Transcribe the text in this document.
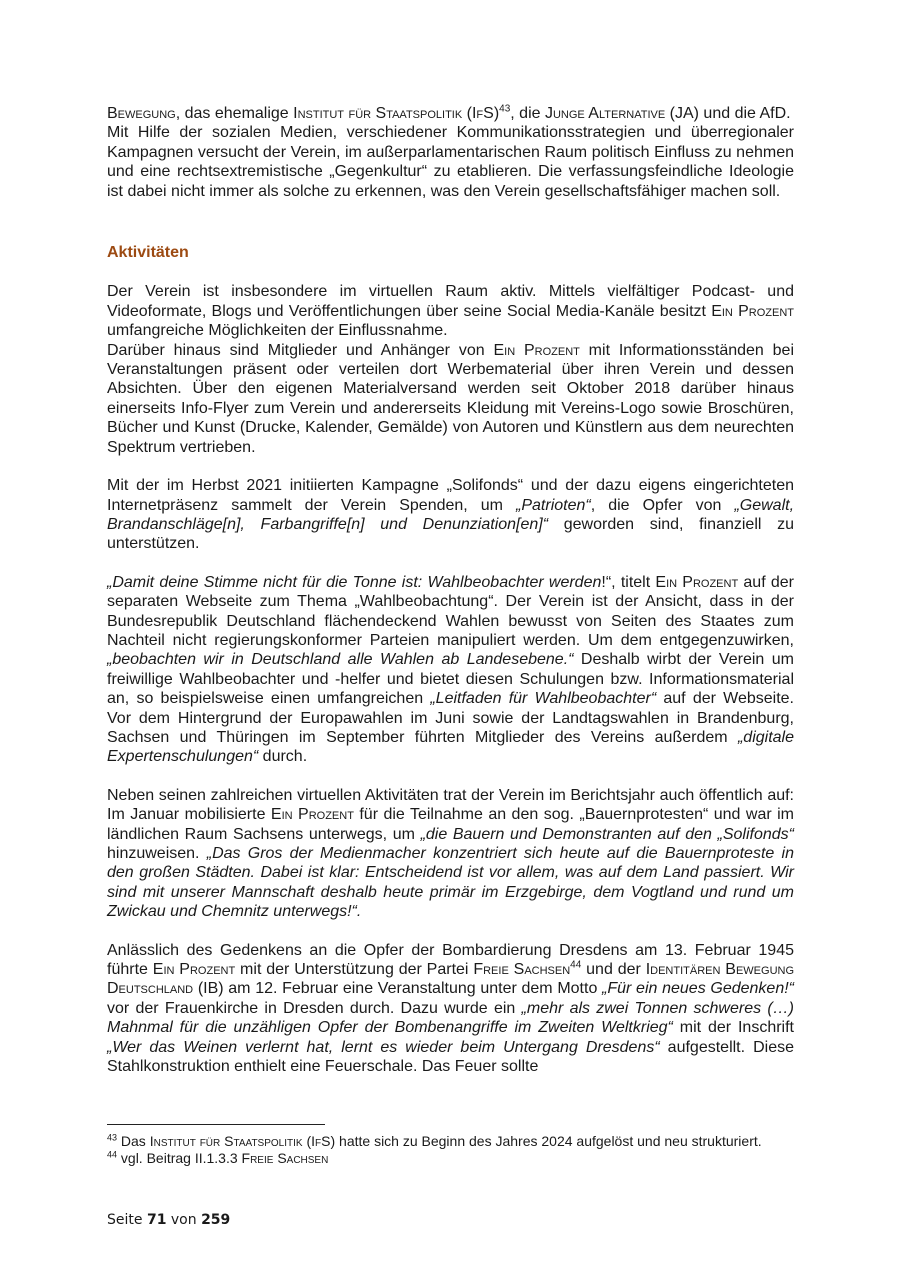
Bewegung, das ehemalige Institut für Staatspolitik (IfS)$^{43}$, die Junge Alternative (JA) und die AfD.

Mit Hilfe der sozialen Medien, verschiedener Kommunikationsstrategien und überregionaler Kampagnen versucht der Verein, im außerparlamentarischen Raum politisch Einfluss zu nehmen und eine rechtsextremistische „Gegenkultur“ zu etablieren. Die verfassungsfeindliche Ideologie ist dabei nicht immer als solche zu erkennen, was den Verein gesellschaftsfähiger machen soll.

Aktivitäten

Der Verein ist insbesondere im virtuellen Raum aktiv. Mittels vielfältiger Podcast- und Videoformate, Blogs und Veröffentlichungen über seine Social Media-Kanäle besitzt Ein Prozent umfangreiche Möglichkeiten der Einflussnahme.

Darüber hinaus sind Mitglieder und Anhänger von Ein Prozent mit Informationsständen bei Veranstaltungen präsent oder verteilen dort Werbematerial über ihren Verein und dessen Absichten. Über den eigenen Materialversand werden seit Oktober 2018 darüber hinaus einerseits Info-Flyer zum Verein und andererseits Kleidung mit Vereins-Logo sowie Broschüren, Bücher und Kunst (Drucke, Kalender, Gemälde) von Autoren und Künstlern aus dem neurechten Spektrum vertrieben.

Mit der im Herbst 2021 initiierten Kampagne „Solifonds“ und der dazu eigens eingerichteten Internetpräsenz sammelt der Verein Spenden, um „Patrioten“, die Opfer von „Gewalt, Brandanschläge[n], Farbangriffe[n] und Denunziation[en]“ geworden sind, finanziell zu unterstützen.

„Damit deine Stimme nicht für die Tonne ist: Wahlbeobachter werden!“, titelt Ein Prozent auf der separaten Webseite zum Thema „Wahlbeobachtung“. Der Verein ist der Ansicht, dass in der Bundesrepublik Deutschland flächendeckend Wahlen bewusst von Seiten des Staates zum Nachteil nicht regierungskonformer Parteien manipuliert werden. Um dem entgegenzuwirken, „beobachten wir in Deutschland alle Wahlen ab Landesebene.“ Deshalb wirbt der Verein um freiwillige Wahlbeobachter und -helfer und bietet diesen Schulungen bzw. Informationsmaterial an, so beispielsweise einen umfangreichen „Leitfaden für Wahlbeobachter“ auf der Webseite. Vor dem Hintergrund der Europawahlen im Juni sowie der Landtagswahlen in Brandenburg, Sachsen und Thüringen im September führten Mitglieder des Vereins außerdem „digitale Expertenschulungen“ durch.

Neben seinen zahlreichen virtuellen Aktivitäten trat der Verein im Berichtsjahr auch öffentlich auf: Im Januar mobilisierte Ein Prozent für die Teilnahme an den sog. „Bauernprotesten“ und war im ländlichen Raum Sachsens unterwegs, um „die Bauern und Demonstranten auf den „Solifonds“ hinzuweisen. „Das Gros der Medienmacher konzentriert sich heute auf die Bauernproteste in den großen Städten. Dabei ist klar: Entscheidend ist vor allem, was auf dem Land passiert. Wir sind mit unserer Mannschaft deshalb heute primär im Erzgebirge, dem Vogtland und rund um Zwickau und Chemnitz unterwegs!“.

Anlässlich des Gedenkens an die Opfer der Bombardierung Dresdens am 13. Februar 1945 führte Ein Prozent mit der Unterstützung der Partei Freie Sachsen$^{44}$ und der Identitären Bewegung Deutschland (IB) am 12. Februar eine Veranstaltung unter dem Motto „Für ein neues Gedenken!“ vor der Frauenkirche in Dresden durch. Dazu wurde ein „mehr als zwei Tonnen schweres (…) Mahnmal für die unzähligen Opfer der Bombenangriffe im Zweiten Weltkrieg“ mit der Inschrift „Wer das Weinen verlernt hat, lernt es wieder beim Untergang Dresdens“ aufgestellt. Diese Stahlkonstruktion enthielt eine Feuerschale. Das Feuer sollte

$^{43}$ Das Institut für Staatspolitik (IfS) hatte sich zu Beginn des Jahres 2024 aufgelöst und neu strukturiert.

$^{44}$ vgl. Beitrag II.1.3.3 Freie Sachsen

Seite 71 von 259
